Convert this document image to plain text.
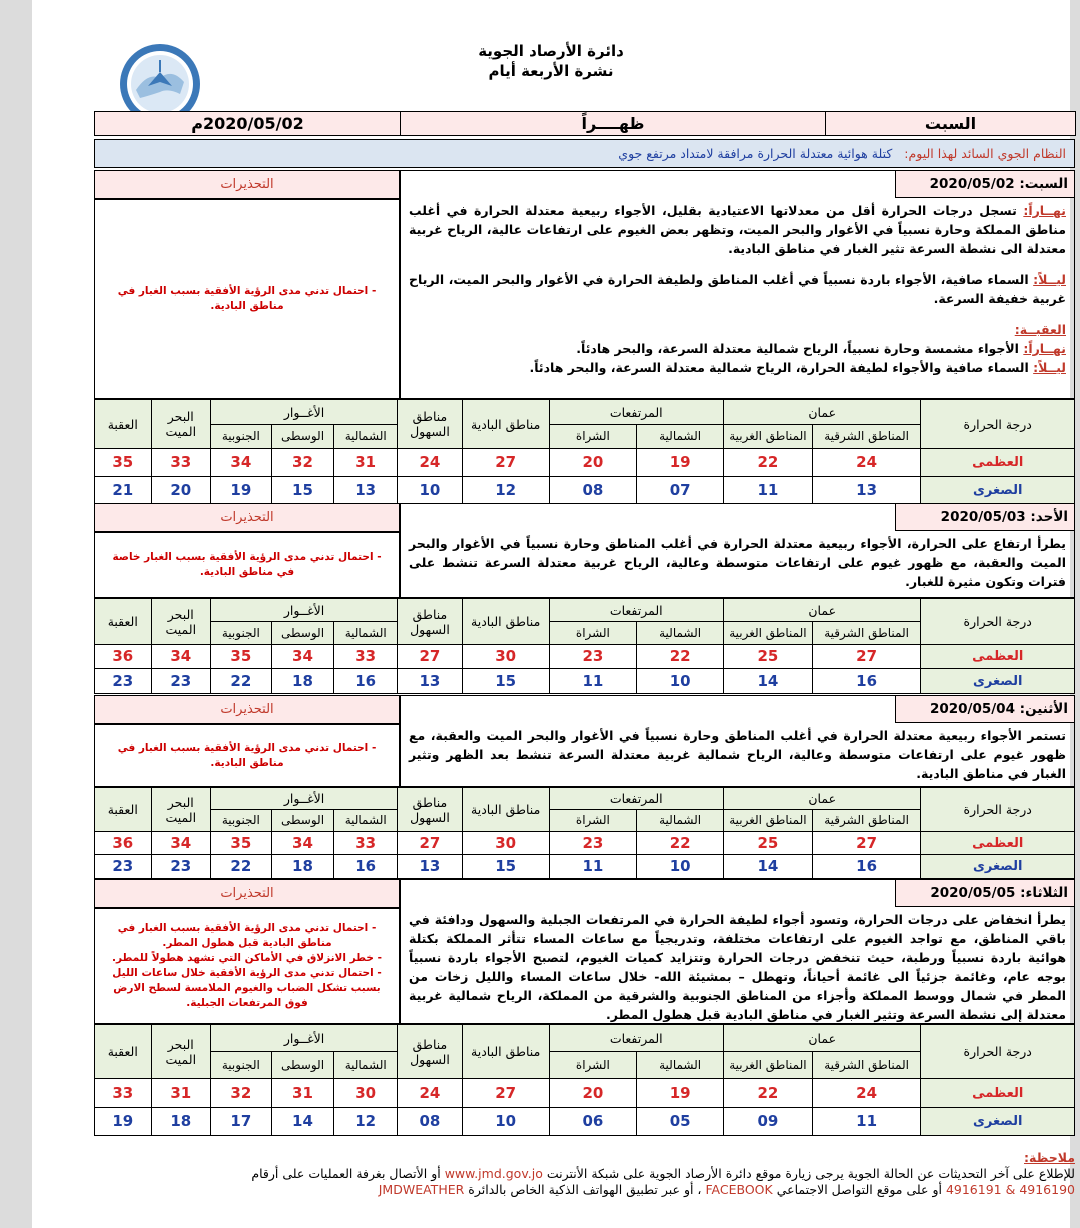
دائرة الأرصاد الجوية
نشرة الأربعة أيام
السبت	ظهــــراً	2020/05/02م
النظام الجوي السائد لهذا اليوم: كتلة هوائية معتدلة الحرارة مرافقة لامتداد مرتفع جوي
السبت: 2020/05/02

نهــاراً: تسجل درجات الحرارة أقل من معدلاتها الاعتيادية بقليل، الأجواء ربيعية معتدلة الحرارة في أغلب مناطق المملكة وحارة نسبياً في الأغوار والبحر الميت، وتظهر بعض الغيوم على ارتفاعات عالية، الرياح غربية معتدلة الى نشطة السرعة تثير الغبار في مناطق البادية.

ليــلاً: السماء صافية، الأجواء باردة نسبياً في أغلب المناطق ولطيفة الحرارة في الأغوار والبحر الميت، الرياح غربية خفيفة السرعة.

العقبــة:

نهــاراً: الأجواء مشمسة وحارة نسبياً، الرياح شمالية معتدلة السرعة، والبحر هادئاً.

ليــلاً: السماء صافية والأجواء لطيفة الحرارة، الرياح شمالية معتدلة السرعة، والبحر هادئاً.

التحذيرات
- احتمال تدني مدى الرؤية الأفقية بسبب الغبار في مناطق البادية.
درجة الحرارة	عمان		المرتفعات		مناطق البادية	مناطق السهول	الأغــوار			البحر الميت	العقبة
	المناطق الشرقية	المناطق الغربية	الشمالية	الشراة			الشمالية	الوسطى	الجنوبية		
العظمى	24	22	19	20	27	24	31	32	34	33	35
الصغرى	13	11	07	08	12	10	13	15	19	20	21
الأحد: 2020/05/03

يطرأ ارتفاع على الحرارة، الأجواء ربيعية معتدلة الحرارة في أغلب المناطق وحارة نسبياً في الأغوار والبحر الميت والعقبة، مع ظهور غيوم على ارتفاعات متوسطة وعالية، الرياح غربية معتدلة السرعة تنشط على فترات وتكون مثيرة للغبار.

التحذيرات
- احتمال تدني مدى الرؤية الأفقية بسبب الغبار خاصة في مناطق البادية.
درجة الحرارة	عمان		المرتفعات		مناطق البادية	مناطق السهول	الأغــوار			البحر الميت	العقبة
	المناطق الشرقية	المناطق الغربية	الشمالية	الشراة			الشمالية	الوسطى	الجنوبية		
العظمى	27	25	22	23	30	27	33	34	35	34	36
الصغرى	16	14	10	11	15	13	16	18	22	23	23
الأثنين: 2020/05/04

تستمر الأجواء ربيعية معتدلة الحرارة في أغلب المناطق وحارة نسبياً في الأغوار والبحر الميت والعقبة، مع ظهور غيوم على ارتفاعات متوسطة وعالية، الرياح شمالية غربية معتدلة السرعة تنشط بعد الظهر وتثير الغبار في مناطق البادية.

التحذيرات
- احتمال تدني مدى الرؤية الأفقية بسبب الغبار في مناطق البادية.
درجة الحرارة	عمان		المرتفعات		مناطق البادية	مناطق السهول	الأغــوار			البحر الميت	العقبة
	المناطق الشرقية	المناطق الغربية	الشمالية	الشراة			الشمالية	الوسطى	الجنوبية		
العظمى	27	25	22	23	30	27	33	34	35	34	36
الصغرى	16	14	10	11	15	13	16	18	22	23	23
الثلاثاء: 2020/05/05

يطرأ انخفاض على درجات الحرارة، وتسود أجواء لطيفة الحرارة في المرتفعات الجبلية والسهول ودافئة في باقي المناطق، مع تواجد الغيوم على ارتفاعات مختلفة، وتدريجياً مع ساعات المساء تتأثر المملكة بكتلة هوائية باردة نسبياً ورطبة، حيث تنخفض درجات الحرارة وتتزايد كميات الغيوم، لتصبح الأجواء باردة نسبياً بوجه عام، وغائمة جزئياً الى غائمة أحياناً، وتهطل – بمشيئة الله- خلال ساعات المساء والليل زخات من المطر في شمال ووسط المملكة وأجزاء من المناطق الجنوبية والشرقية من المملكة، الرياح شمالية غربية معتدلة إلى نشطة السرعة وتثير الغبار في مناطق البادية قبل هطول المطر.

التحذيرات
- احتمال تدني مدى الرؤية الأفقية بسبب الغبار في مناطق البادية قبل هطول المطر.
- خطر الانزلاق في الأماكن التي تشهد هطولاً للمطر.
- احتمال تدني مدى الرؤية الأفقية خلال ساعات الليل بسبب تشكل الضباب والغيوم الملامسة لسطح الارض فوق المرتفعات الجبلية.
درجة الحرارة	عمان		المرتفعات		مناطق البادية	مناطق السهول	الأغــوار			البحر الميت	العقبة
	المناطق الشرقية	المناطق الغربية	الشمالية	الشراة			الشمالية	الوسطى	الجنوبية		
العظمى	24	22	19	20	27	24	30	31	32	31	33
الصغرى	11	09	05	06	10	08	12	14	17	18	19
ملاحظة:
للإطلاع على آخر التحديثات عن الحالة الجوية يرجى زيارة موقع دائرة الأرصاد الجوية على شبكة الأنترنت www.jmd.gov.jo أو الأتصال بغرفة العمليات على أرقام
4916190 & 4916191 أو على موقع التواصل الاجتماعي FACEBOOK ، أو عبر تطبيق الهواتف الذكية الخاص بالدائرة JMDWEATHER
